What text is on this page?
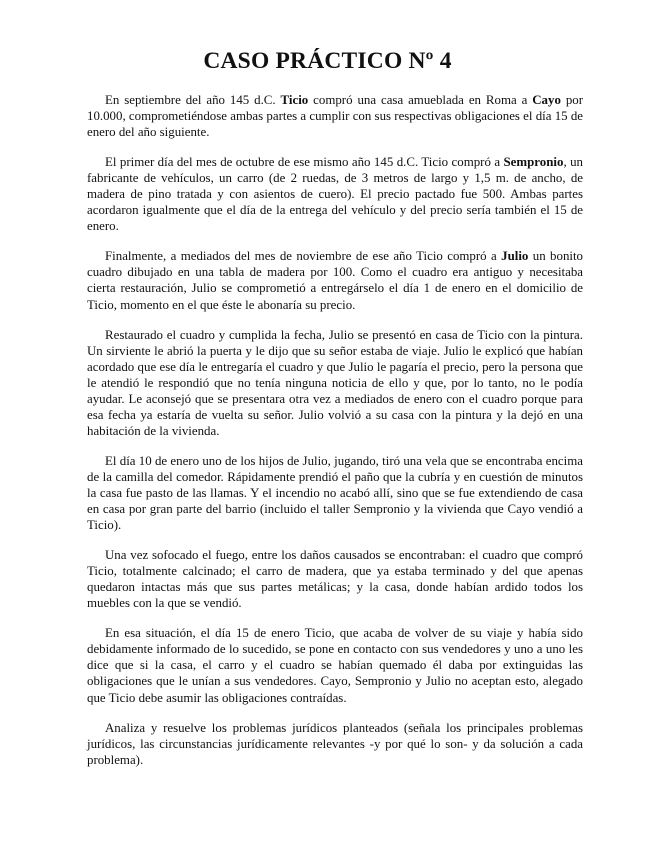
CASO PRÁCTICO Nº 4

En septiembre del año 145 d.C. Ticio compró una casa amueblada en Roma a Cayo por 10.000, comprometiéndose ambas partes a cumplir con sus respectivas obligaciones el día 15 de enero del año siguiente.

El primer día del mes de octubre de ese mismo año 145 d.C. Ticio compró a Sempronio, un fabricante de vehículos, un carro (de 2 ruedas, de 3 metros de largo y 1,5 m. de ancho, de madera de pino tratada y con asientos de cuero). El precio pactado fue 500. Ambas partes acordaron igualmente que el día de la entrega del vehículo y del precio sería también el 15 de enero.

Finalmente, a mediados del mes de noviembre de ese año Ticio compró a Julio un bonito cuadro dibujado en una tabla de madera por 100. Como el cuadro era antiguo y necesitaba cierta restauración, Julio se comprometió a entregárselo el día 1 de enero en el domicilio de Ticio, momento en el que éste le abonaría su precio.

Restaurado el cuadro y cumplida la fecha, Julio se presentó en casa de Ticio con la pintura. Un sirviente le abrió la puerta y le dijo que su señor estaba de viaje. Julio le explicó que habían acordado que ese día le entregaría el cuadro y que Julio le pagaría el precio, pero la persona que le atendió le respondió que no tenía ninguna noticia de ello y que, por lo tanto, no le podía ayudar. Le aconsejó que se presentara otra vez a mediados de enero con el cuadro porque para esa fecha ya estaría de vuelta su señor. Julio volvió a su casa con la pintura y la dejó en una habitación de la vivienda.

El día 10 de enero uno de los hijos de Julio, jugando, tiró una vela que se encontraba encima de la camilla del comedor. Rápidamente prendió el paño que la cubría y en cuestión de minutos la casa fue pasto de las llamas. Y el incendio no acabó allí, sino que se fue extendiendo de casa en casa por gran parte del barrio (incluido el taller Sempronio y la vivienda que Cayo vendió a Ticio).

Una vez sofocado el fuego, entre los daños causados se encontraban: el cuadro que compró Ticio, totalmente calcinado; el carro de madera, que ya estaba terminado y del que apenas quedaron intactas más que sus partes metálicas; y la casa, donde habían ardido todos los muebles con la que se vendió.

En esa situación, el día 15 de enero Ticio, que acaba de volver de su viaje y había sido debidamente informado de lo sucedido, se pone en contacto con sus vendedores y uno a uno les dice que si la casa, el carro y el cuadro se habían quemado él daba por extinguidas las obligaciones que le unían a sus vendedores. Cayo, Sempronio y Julio no aceptan esto, alegado que Ticio debe asumir las obligaciones contraídas.

Analiza y resuelve los problemas jurídicos planteados (señala los principales problemas jurídicos, las circunstancias jurídicamente relevantes -y por qué lo son- y da solución a cada problema).
